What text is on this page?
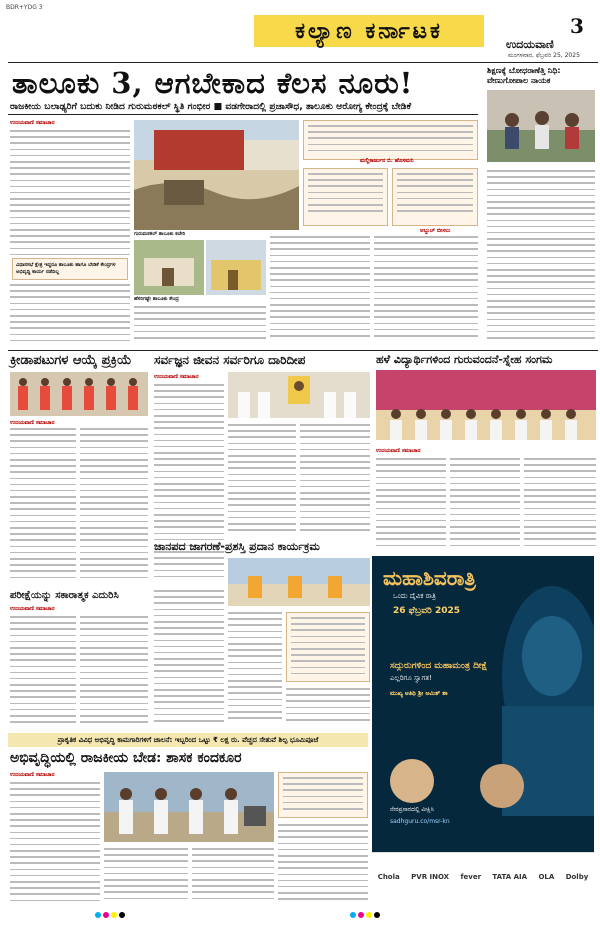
BDR+YDG 3
ಕಲ್ಯಾಣ ಕರ್ನಾಟಕ	3
ಉದಯವಾಣಿ
ಮಂಗಳವಾರ, ಫೆಬ್ರವರಿ 25, 2025
ತಾಲೂಕು 3, ಆಗಬೇಕಾದ ಕೆಲಸ ನೂರು!
ರಾಜಕೀಯ ಬಲಾಢ್ಯರಿಗೆ ಬದುಕು ನೀಡಿದ ಗುರುಮಠಕಲ್ ಸ್ಥಿತಿ ಗಂಭೀರ ■ ವಡಗೇರಾದಲ್ಲಿ ಪ್ರಜಾಸೌಧ, ತಾಲೂಕು ಆರೋಗ್ಯ ಕೇಂದ್ರಕ್ಕೆ ಬೇಡಿಕೆ
ಉದಯವಾಣಿ ಸಮಾಚಾರ
ವಿಧಾನಸಭೆ ಕ್ಷೇತ್ರ ಇದ್ದರೂ ತಾಲೂಕು ಹಾಗೂ ಬೇಡಿಕೆ ಕೇಂದ್ರಗಳ ಅಭಿವೃದ್ಧಿ ಕಾರ್ಯ ನಡೆದಿಲ್ಲ
ಗುರುಮಠಕಲ್ ತಾಲೂಕು ಕಚೇರಿ
ಮಲ್ಲಿಕಾರ್ಜುನ ಬಿ. ಹೊಸಮನಿ
ಅಬ್ದುಲ್ ಬೀಸಲು
ಹೆಸರಿಗಷ್ಟೇ ತಾಲೂಕು ಕೇಂದ್ರ
ಶಿಕ್ಷಣಕ್ಕೆ ಬೋಧರಾಣೆತ್ತಿ ನಿಧಿ: ವೇಣುಗೋಪಾಲ ನಾಯಕ
ಕ್ರೀಡಾಪಟುಗಳ ಆಯ್ಕೆ ಪ್ರಕ್ರಿಯೆ
ಉದಯವಾಣಿ ಸಮಾಚಾರ
ಸರ್ವಜ್ಞನ ಜೀವನ ಸರ್ವರಿಗೂ ದಾರಿದೀಪ
ಉದಯವಾಣಿ ಸಮಾಚಾರ
ಹಳೆ ವಿದ್ಯಾರ್ಥಿಗಳಿಂದ ಗುರುವಂದನೆ-ಸ್ನೇಹ ಸಂಗಮ
ಉದಯವಾಣಿ ಸಮಾಚಾರ
ಜಾನಪದ ಜಾಗರಣೆ-ಪ್ರಶಸ್ತಿ ಪ್ರದಾನ ಕಾರ್ಯಕ್ರಮ
ಪರೀಕ್ಷೆಯನ್ನು ಸಕಾರಾತ್ಮಕ ಎದುರಿಸಿ
ಉದಯವಾಣಿ ಸಮಾಚಾರ
ಮಹಾಶಿವರಾತ್ರಿ
ಒಂದು ದೈವಿಕ ರಾತ್ರಿ
26 ಫೆಬ್ರವರಿ 2025
ಸದ್ಗುರುಗಳಿಂದ ಮಹಾಮಂತ್ರ ದೀಕ್ಷೆ
ಎಲ್ಲರಿಗೂ ಸ್ವಾಗತ!
ಮುಖ್ಯ ಅತಿಥಿ ಶ್ರೀ ಅಮಿತ್ ಶಾ
ನೇರಪ್ರಸಾರದಲ್ಲಿ ವೀಕ್ಷಿಸಿ
sadhguru.co/msr-kn
Chola PVR INOX fever TATA AIA OLA Dolby
ಪ್ರಾಕೃತಿಕ ವಿವಿಧ ಅಭಿವೃದ್ಧಿ ಕಾಮಗಾರಿಗಳಿಗೆ ಚಾಲನೆ: ಇಬ್ಬರಿಂದ ಒಟ್ಟು ₹ ಲಕ್ಷ ರು. ವೆಚ್ಚದ ಸೇತುವೆ ಶಿಲ್ಪ ಭೂಮಿಪೂಜೆ
ಅಭಿವೃದ್ಧಿಯಲ್ಲಿ ರಾಜಕೀಯ ಬೇಡ: ಶಾಸಕ ಕಂದಕೂರ
ಉದಯವಾಣಿ ಸಮಾಚಾರ
